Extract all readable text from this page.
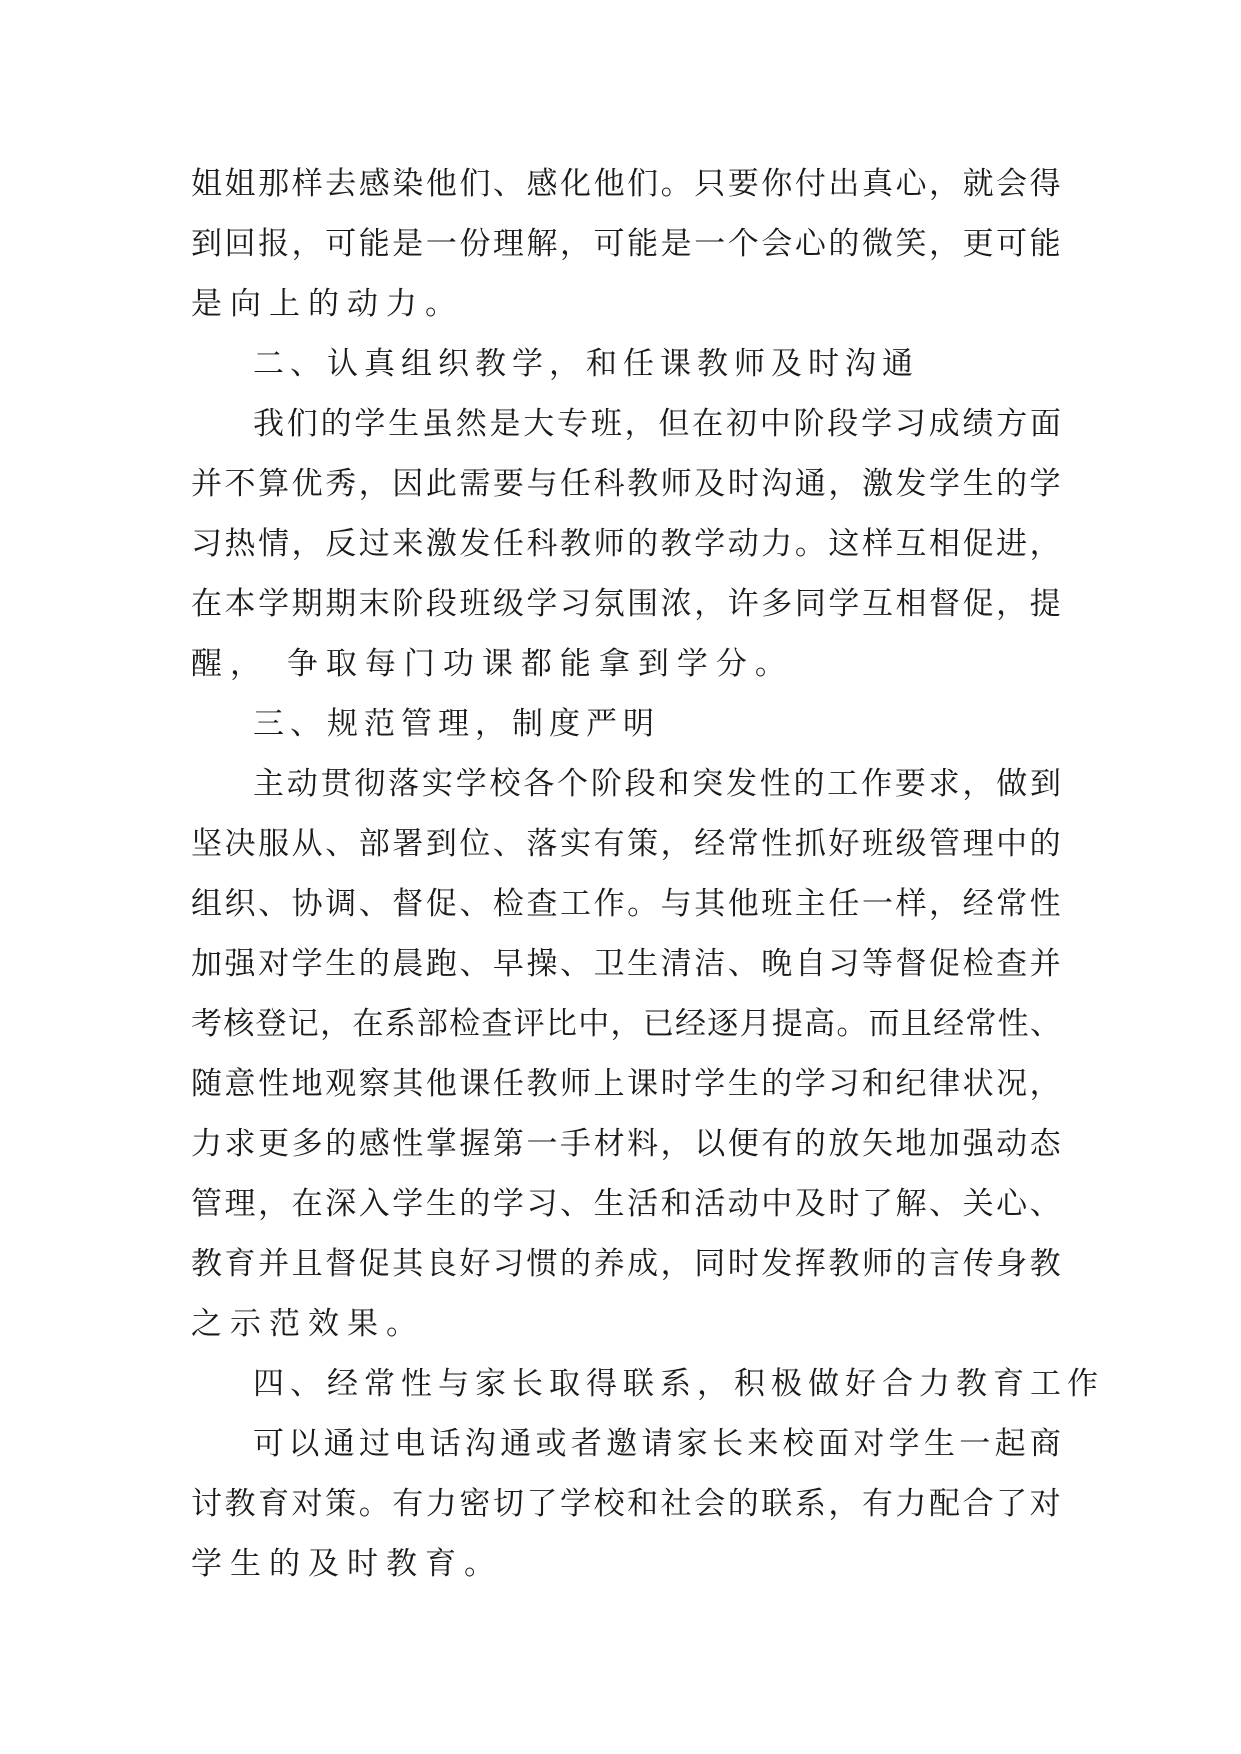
姐 姐 那 样 去 感 染 他 们 、 感 化 他 们 。 只 要 你 付 出 真 心 ， 就 会 得
到 回 报 ， 可 能 是 一 份 理 解 ， 可 能 是 一 个 会 心 的 微 笑 ， 更 可 能
是向上的动力。
二、认真组织教学，和任课教师及时沟通
我 们 的 学 生 虽 然 是 大 专 班 ， 但 在 初 中 阶 段 学 习 成 绩 方 面
并 不 算 优 秀 ， 因 此 需 要 与 任 科 教 师 及 时 沟 通 ， 激 发 学 生 的 学
习 热 情 ， 反 过 来 激 发 任 科 教 师 的 教 学 动 力 。 这 样 互 相 促 进 ，
在 本 学 期 期 末 阶 段 班 级 学 习 氛 围 浓 ， 许 多 同 学 互 相 督 促 ， 提
醒， 争取每门功课都能拿到学分。
三、规范管理，制度严明
主 动 贯 彻 落 实 学 校 各 个 阶 段 和 突 发 性 的 工 作 要 求 ， 做 到
坚 决 服 从 、 部 署 到 位 、 落 实 有 策 ， 经 常 性 抓 好 班 级 管 理 中 的
组 织 、 协 调 、 督 促 、 检 查 工 作 。 与 其 他 班 主 任 一 样 ， 经 常 性
加 强 对 学 生 的 晨 跑 、 早 操 、 卫 生 清 洁 、 晚 自 习 等 督 促 检 查 并
考 核 登 记 ， 在 系 部 检 查 评 比 中 ， 已 经 逐 月 提 高 。 而 且 经 常 性 、
随 意 性 地 观 察 其 他 课 任 教 师 上 课 时 学 生 的 学 习 和 纪 律 状 况 ，
力 求 更 多 的 感 性 掌 握 第 一 手 材 料 ， 以 便 有 的 放 矢 地 加 强 动 态
管 理 ， 在 深 入 学 生 的 学 习 、 生 活 和 活 动 中 及 时 了 解 、 关 心 、
教 育 并 且 督 促 其 良 好 习 惯 的 养 成 ， 同 时 发 挥 教 师 的 言 传 身 教
之示范效果。
四、经常性与家长取得联系，积极做好合力教育工作
可 以 通 过 电 话 沟 通 或 者 邀 请 家 长 来 校 面 对 学 生 一 起 商
讨 教 育 对 策 。 有 力 密 切 了 学 校 和 社 会 的 联 系 ， 有 力 配 合 了 对
学生的及时教育。
